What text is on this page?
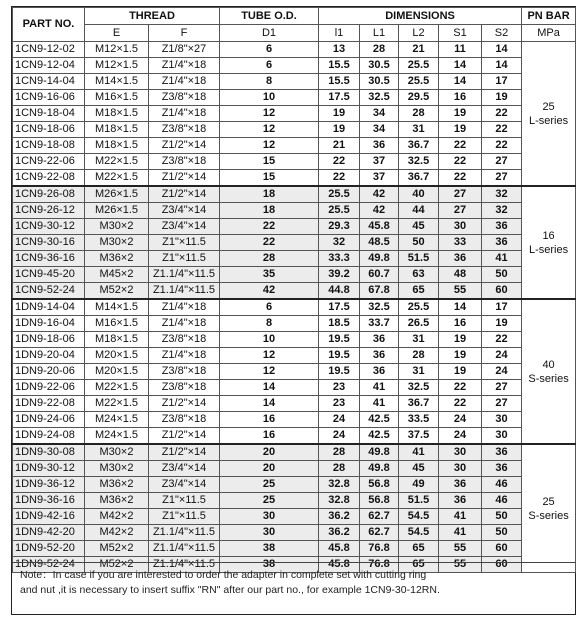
PART NO.	THREAD		TUBE O.D.	DIMENSIONS					PN BAR
	E	F	D1	l1	L1	L2	S1	S2	MPa
1CN9-12-02	M12×1.5	Z1/8"×27	6	13	28	21	11	14	25
L-series

1CN9-12-04	M12×1.5	Z1/4"×18	6	15.5	30.5	25.5	14	14	
1CN9-14-04	M14×1.5	Z1/4"×18	8	15.5	30.5	25.5	14	17	
1CN9-16-06	M16×1.5	Z3/8"×18	10	17.5	32.5	29.5	16	19	
1CN9-18-04	M18×1.5	Z1/4"×18	12	19	34	28	19	22	
1CN9-18-06	M18×1.5	Z3/8"×18	12	19	34	31	19	22	
1CN9-18-08	M18×1.5	Z1/2"×14	12	21	36	36.7	22	22	
1CN9-22-06	M22×1.5	Z3/8"×18	15	22	37	32.5	22	27	
1CN9-22-08	M22×1.5	Z1/2"×14	15	22	37	36.7	22	27	
1CN9-26-08	M26×1.5	Z1/2"×14	18	25.5	42	40	27	32	16
L-series

1CN9-26-12	M26×1.5	Z3/4"×14	18	25.5	42	44	27	32	
1CN9-30-12	M30×2	Z3/4"×14	22	29.3	45.8	45	30	36	
1CN9-30-16	M30×2	Z1"×11.5	22	32	48.5	50	33	36	
1CN9-36-16	M36×2	Z1"×11.5	28	33.3	49.8	51.5	36	41	
1CN9-45-20	M45×2	Z1.1/4"×11.5	35	39.2	60.7	63	48	50	
1CN9-52-24	M52×2	Z1.1/4"×11.5	42	44.8	67.8	65	55	60	
1DN9-14-04	M14×1.5	Z1/4"×18	6	17.5	32.5	25.5	14	17	40
S-series

1DN9-16-04	M16×1.5	Z1/4"×18	8	18.5	33.7	26.5	16	19	
1DN9-18-06	M18×1.5	Z3/8"×18	10	19.5	36	31	19	22	
1DN9-20-04	M20×1.5	Z1/4"×18	12	19.5	36	28	19	24	
1DN9-20-06	M20×1.5	Z3/8"×18	12	19.5	36	31	19	24	
1DN9-22-06	M22×1.5	Z3/8"×18	14	23	41	32.5	22	27	
1DN9-22-08	M22×1.5	Z1/2"×14	14	23	41	36.7	22	27	
1DN9-24-06	M24×1.5	Z3/8"×18	16	24	42.5	33.5	24	30	
1DN9-24-08	M24×1.5	Z1/2"×14	16	24	42.5	37.5	24	30	
1DN9-30-08	M30×2	Z1/2"×14	20	28	49.8	41	30	36	25
S-series

1DN9-30-12	M30×2	Z3/4"×14	20	28	49.8	45	30	36	
1DN9-36-12	M36×2	Z3/4"×14	25	32.8	56.8	49	36	46	
1DN9-36-16	M36×2	Z1"×11.5	25	32.8	56.8	51.5	36	46	
1DN9-42-16	M42×2	Z1"×11.5	30	36.2	62.7	54.5	41	50	
1DN9-42-20	M42×2	Z1.1/4"×11.5	30	36.2	62.7	54.5	41	50	
1DN9-52-20	M52×2	Z1.1/4"×11.5	38	45.8	76.8	65	55	60	
1DN9-52-24	M52×2	Z1.1/4"×11.5	38	45.8	76.8	65	55	60	
Note：In case if you are interested to order the adapter in complete set with cutting ring
and nut ,it is necessary to insert suffix "RN" after our part no., for example 1CN9-30-12RN.
